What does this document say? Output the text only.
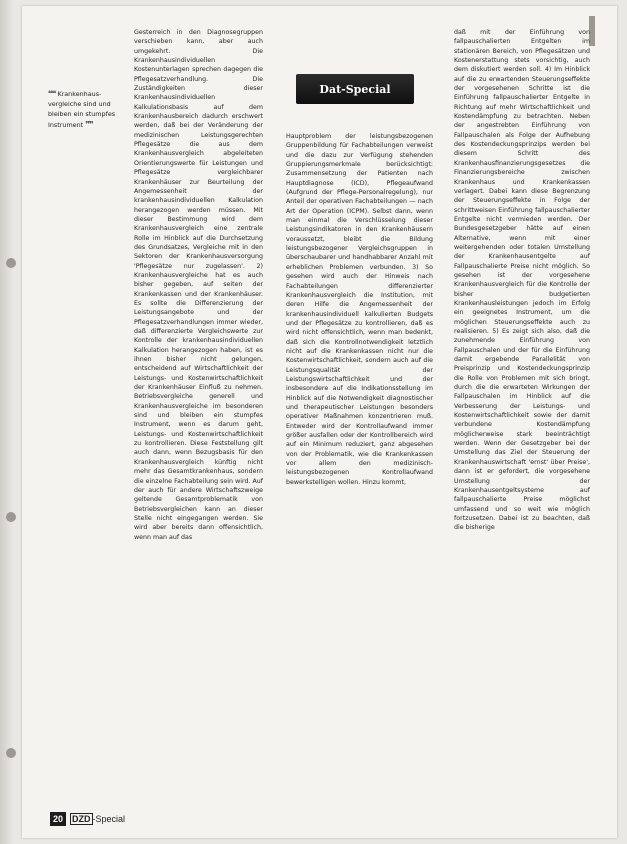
❝❝ Krankenhaus-vergleiche sind und bleiben ein stumpfes Instrument ❞❞
Gesterreich in den Diagnosegruppen verschieben kann, aber auch umgekehrt. Die Krankenhausindividuellen Kostenunterlagen sprechen dagegen die Pflegesatzverhandlung. Die Zuständigkeiten dieser Krankenhausindividuellen Kalkulationsbasis auf dem Krankenhausbereich dadurch erschwert werden, daß bei der Veränderung der medizinischen Leistungsgerechten Pflegesätze die aus dem Krankenhausvergleich abgeleiteten Orientierungswerte für Leistungen und Pflegesätze vergleichbarer Krankenhäuser zur Beurteilung der Angemessenheit der krankenhausindividuellen Kalkulation herangezogen werden müssen. Mit dieser Bestimmung wird dem Krankenhausvergleich eine zentrale Rolle im Hinblick auf die Durchsetzung des Grundsatzes, Vergleiche mit in den Sektoren der Krankenhausversorgung 'Pflegesätze nur zugelassen'. 2) Krankenhausvergleiche hat es auch bisher gegeben, auf seiten der Krankenkassen und der Krankenhäuser. Es sollte die Differenzierung der Leistungsangebote und der Pflegesatzverhandlungen immer wieder, daß differenzierte Vergleichswerte zur Kontrolle der krankenhausindividuellen Kalkulation herangezogen haben, ist es ihnen bisher nicht gelungen, entscheidend auf Wirtschaftlichkeit der Leistungs- und Kostenwirtschaftlichkeit der Krankenhäuser Einfluß zu nehmen. Betriebsvergleiche generell und Krankenhausvergleiche im besonderen sind und bleiben ein stumpfes Instrument, wenn es darum geht, Leistungs- und Kostenwirtschaftlichkeit zu kontrollieren. Diese Feststellung gilt auch dann, wenn Bezugsbasis für den Krankenhausvergleich künftig nicht mehr das Gesamtkrankenhaus, sondern die einzelne Fachabteilung sein wird. Auf der auch für andere Wirtschaftszweige geltende Gesamtproblematik von Betriebsvergleichen kann an dieser Stelle nicht eingegangen werden. Sie wird aber bereits dann offensichtlich, wenn man auf das
Dat-Special
Hauptproblem der leistungsbezogenen Gruppenbildung für Fachabteilungen verweist und die dazu zur Verfügung stehenden Gruppierungsmerkmale berücksichtigt: Zusammensetzung der Patienten nach Hauptdiagnose (ICD), Pflegeaufwand (Aufgrund der Pflege-Personalregelung), nur Anteil der operativen Fachabteilungen — nach Art der Operation (ICPM). Selbst dann, wenn man einmal die Verschlüsselung dieser Leistungsindikatoren in den Krankenhäusern voraussetzt, bleibt die Bildung leistungsbezogener Vergleichsgruppen in überschaubarer und handhabbarer Anzahl mit erheblichen Problemen verbunden. 3) So gesehen wird auch der Hinweis nach Fachabteilungen differenzierter Krankenhausvergleich die Institution, mit deren Hilfe die Angemessenheit der krankenhausindividuell kalkulierten Budgets und der Pflegesätze zu kontrollieren, daß es wird nicht offensichtlich, wenn man bedenkt, daß sich die Kontrollnotwendigkeit letztlich nicht auf die Krankenkassen nicht nur die Kostenwirtschaftlichkeit, sondern auch auf die Leistungsqualität der Leistungswirtschaftlichkeit und der insbesondere auf die Indikationsstellung im Hinblick auf die Notwendigkeit diagnostischer und therapeutischer Leistungen besonders operativer Maßnahmen konzentrieren muß. Entweder wird der Kontrollaufwand immer größer ausfallen oder der Kontrollbereich wird auf ein Minimum reduziert, ganz abgesehen von der Problematik, wie die Krankenkassen vor allem den medizinisch-leistungsbezogenen Kontrollaufwand bewerkstelligen wollen. Hinzu kommt,
daß mit der Einführung von fallpauschalierten Entgelten im stationären Bereich, von Pflegesätzen und Kostenerstattung stets vorsichtig, auch dem diskutiert werden soll. 4) Im Hinblick auf die zu erwartenden Steuerungseffekte der vorgesehenen Schritte ist die Einführung fallpauschalierter Entgelte in Richtung auf mehr Wirtschaftlichkeit und Kostendämpfung zu betrachten. Neben der angestrebten Einführung von Fallpauschalen als Folge der Aufhebung des Kostendeckungsprinzips werden bei diesem Schritt des Krankenhausfinanzierungsgesetzes die Finanzierungsbereiche zwischen Krankenhaus und Krankenkassen verlagert. Dabei kann diese Begrenzung der Steuerungseffekte in Folge der schrittweisen Einführung fallpauschalierter Entgelte nicht vermieden werden. Der Bundesgesetzgeber hätte auf einen Alternative, wenn mit einer weitergehenden oder totalen Umstellung der Krankenhausentgelte auf Fallpauschalierte Preise nicht möglich. So gesehen ist der vorgesehene Krankenhausvergleich für die Kontrolle der bisher budgetierten Krankenhausleistungen jedoch im Erfolg ein geeignetes Instrument, um die möglichen Steuerungseffekte auch zu realisieren. 5) Es zeigt sich also, daß die zunehmende Einführung von Fallpauschalen und der für die Einführung damit ergebende Parallelität von Preisprinzip und Kostendeckungsprinzip die Rolle von Problemen mit sich bringt, durch die die erwarteten Wirkungen der Fallpauschalen im Hinblick auf die Verbesserung der Leistungs- und Kostenwirtschaftlichkeit sowie der damit verbundene Kostendämpfung möglicherweise stark beeinträchtigt werden. Wenn der Gesetzgeber bei der Umstellung das Ziel der Steuerung der Krankenhauswirtschaft 'ernst' über Preise', dann ist er gefordert, die vorgesehene Umstellung der Krankenhausentgeltsysteme auf fallpauschalierte Preise möglichst umfassend und so weit wie möglich fortzusetzen. Dabei ist zu beachten, daß die bisherige
20	DZD -Special
